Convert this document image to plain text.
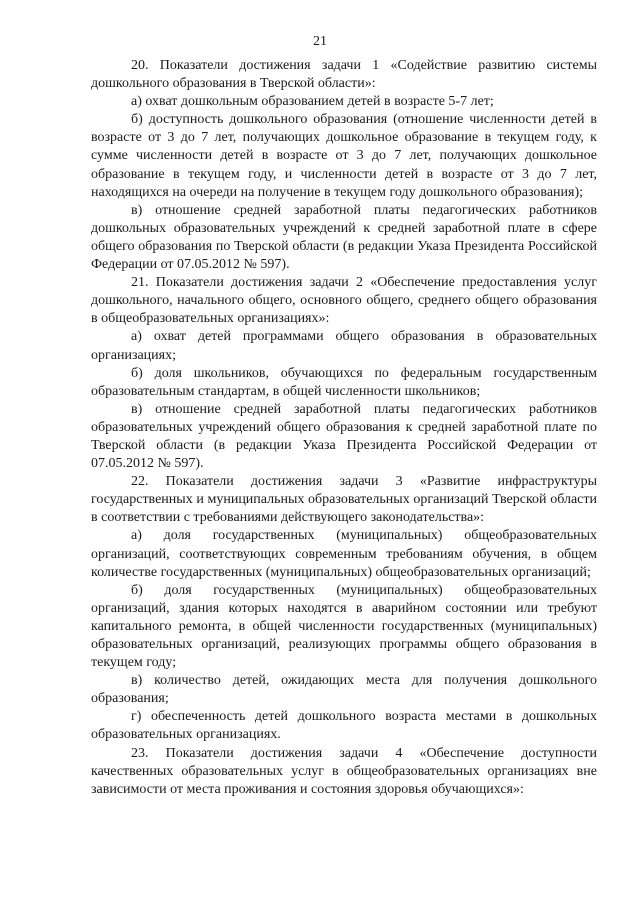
21

20. Показатели достижения задачи 1 «Содействие развитию системы дошкольного образования в Тверской области»:

а) охват дошкольным образованием детей в возрасте 5-7 лет;

б) доступность дошкольного образования (отношение численности детей в возрасте от 3 до 7 лет, получающих дошкольное образование в текущем году, к сумме численности детей в возрасте от 3 до 7 лет, получающих дошкольное образование в текущем году, и численности детей в возрасте от 3 до 7 лет, находящихся на очереди на получение в текущем году дошкольного образования);

в) отношение средней заработной платы педагогических работников дошкольных образовательных учреждений к средней заработной плате в сфере общего образования по Тверской области (в редакции Указа Президента Российской Федерации от 07.05.2012 № 597).

21. Показатели достижения задачи 2 «Обеспечение предоставления услуг дошкольного, начального общего, основного общего, среднего общего образования в общеобразовательных организациях»:

а) охват детей программами общего образования в образовательных организациях;

б) доля школьников, обучающихся по федеральным государственным образовательным стандартам, в общей численности школьников;

в) отношение средней заработной платы педагогических работников образовательных учреждений общего образования к средней заработной плате по Тверской области (в редакции Указа Президента Российской Федерации от 07.05.2012 № 597).

22. Показатели достижения задачи 3 «Развитие инфраструктуры государственных и муниципальных образовательных организаций Тверской области в соответствии с требованиями действующего законодательства»:

а) доля государственных (муниципальных) общеобразовательных организаций, соответствующих современным требованиям обучения, в общем количестве государственных (муниципальных) общеобразовательных организаций;

б) доля государственных (муниципальных) общеобразовательных организаций, здания которых находятся в аварийном состоянии или требуют капитального ремонта, в общей численности государственных (муниципальных) образовательных организаций, реализующих программы общего образования в текущем году;

в) количество детей, ожидающих места для получения дошкольного образования;

г) обеспеченность детей дошкольного возраста местами в дошкольных образовательных организациях.

23. Показатели достижения задачи 4 «Обеспечение доступности качественных образовательных услуг в общеобразовательных организациях вне зависимости от места проживания и состояния здоровья обучающихся»:
